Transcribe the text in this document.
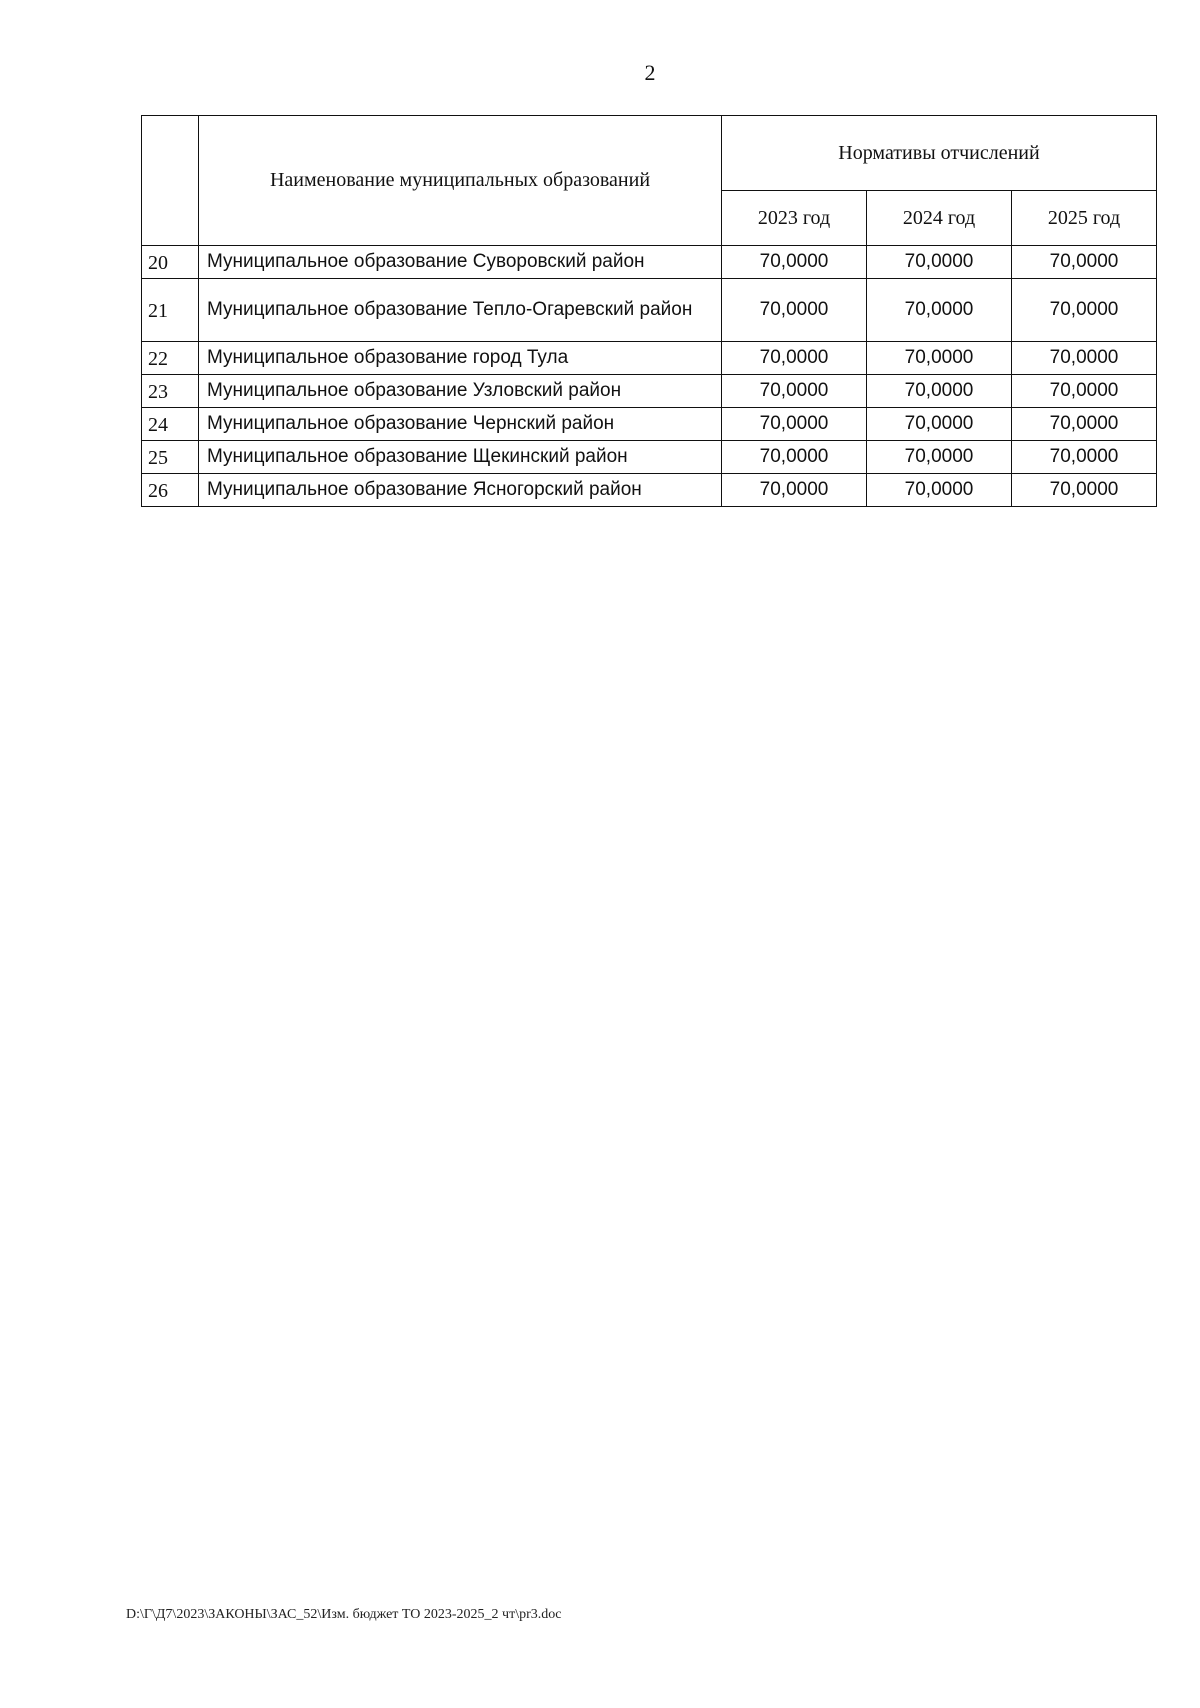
2
	Наименование муниципальных образований	Нормативы отчислений		
		2023 год	2024 год	2025 год
20	Муниципальное образование Суворовский район	70,0000	70,0000	70,0000
21	Муниципальное образование Тепло-Огаревский район	70,0000	70,0000	70,0000
22	Муниципальное образование город Тула	70,0000	70,0000	70,0000
23	Муниципальное образование Узловский район	70,0000	70,0000	70,0000
24	Муниципальное образование Чернский район	70,0000	70,0000	70,0000
25	Муниципальное образование Щекинский район	70,0000	70,0000	70,0000
26	Муниципальное образование Ясногорский район	70,0000	70,0000	70,0000
D:\Г\Д7\2023\ЗАКОНЫ\ЗАС_52\Изм. бюджет ТО 2023-2025_2 чт\pr3.doc
